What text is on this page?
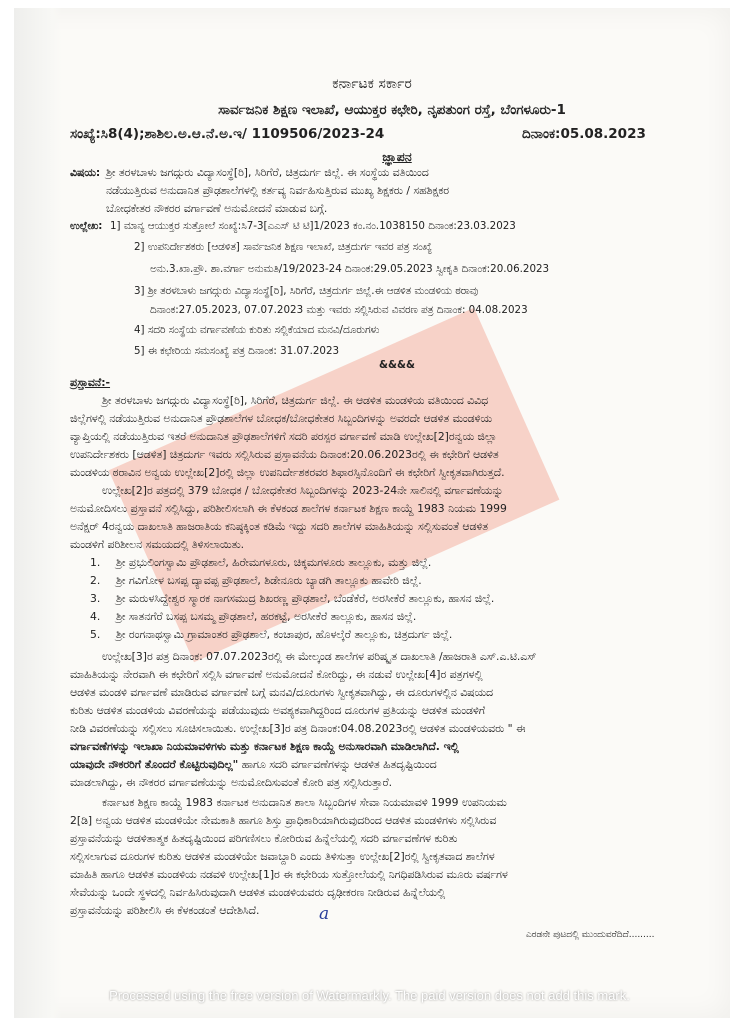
ಕರ್ನಾಟಕ ಸರ್ಕಾರ
ಸಾರ್ವಜನಿಕ ಶಿಕ್ಷಣ ಇಲಾಖೆ, ಆಯುಕ್ತರ ಕಛೇರಿ, ನೃಪತುಂಗ ರಸ್ತೆ, ಬೆಂಗಳೂರು-1
ಸಂಖ್ಯೆ:ಸಿ8(4);ಶಾಶಿಲ.ಅ.ಆ.ನೆ.ಅ.ಇ/ 1109506/2023-24	ದಿನಾಂಕ:05.08.2023
ಜ್ಞಾಪನ
ವಿಷಯ: ಶ್ರೀ ತರಳಬಾಳು ಜಗದ್ಗುರು ವಿದ್ಯಾಸಂಸ್ಥೆ[ರಿ], ಸಿರಿಗೆರೆ, ಚಿತ್ರದುರ್ಗ ಜಿಲ್ಲೆ. ಈ ಸಂಸ್ಥೆಯ ವತಿಯಿಂದ
ನಡೆಯುತ್ತಿರುವ ಅನುದಾನಿತ ಪ್ರೌಢಶಾಲೆಗಳಲ್ಲಿ ಕರ್ತವ್ಯ ನಿರ್ವಹಿಸುತ್ತಿರುವ ಮುಖ್ಯ ಶಿಕ್ಷಕರು / ಸಹಶಿಕ್ಷಕರ
ಬೋಧಕೇತರ ನೌಕರರ ವರ್ಗಾವಣೆ ಅನುಮೋದನೆ ಮಾಡುವ ಬಗ್ಗೆ.
ಉಲ್ಲೇಖ: 1] ಮಾನ್ಯ ಆಯುಕ್ತರ ಸುತ್ತೋಲೆ ಸಂಖ್ಯೆ:ಸಿ7-3[ಎಎಸ್ ಟಿ ಟಿ]1/2023 ಕಂ.ನಂ.1038150 ದಿನಾಂಕ:23.03.2023
2] ಉಪನಿರ್ದೇಶಕರು [ಆಡಳಿತ] ಸಾರ್ವಜನಿಕ ಶಿಕ್ಷಣ ಇಲಾಖೆ, ಚಿತ್ರದುರ್ಗ ಇವರ ಪತ್ರ ಸಂಖ್ಯೆ
ಅನು.3.ಖಾ.ಪ್ರೌ. ಶಾ.ವರ್ಗಾ ಅನುಮತಿ/19/2023-24 ದಿನಾಂಕ:29.05.2023 ಸ್ವೀಕೃತಿ ದಿನಾಂಕ:20.06.2023
3] ಶ್ರೀ ತರಳಬಾಳು ಜಗದ್ಗುರು ವಿದ್ಯಾಸಂಸ್ಥೆ[ರಿ], ಸಿರಿಗೆರೆ, ಚಿತ್ರದುರ್ಗ ಜಿಲ್ಲೆ.ಈ ಆಡಳಿತ ಮಂಡಳಿಯ ಠರಾವು
ದಿನಾಂಕ:27.05.2023, 07.07.2023 ಮತ್ತು ಇವರು ಸಲ್ಲಿಸಿರುವ ವಿವರಣ ಪತ್ರ ದಿನಾಂಕ: 04.08.2023
4] ಸದರಿ ಸಂಸ್ಥೆಯ ವರ್ಗಾವಣೆಯ ಕುರಿತು ಸಲ್ಲಿಕೆಯಾದ ಮನವಿ/ದೂರುಗಳು
5] ಈ ಕಛೇರಿಯ ಸಮಸಂಖ್ಯೆ ಪತ್ರ ದಿನಾಂಕ: 31.07.2023
&&&&
ಪ್ರಸ್ತಾವನೆ:-
ಶ್ರೀ ತರಳಬಾಳು ಜಗದ್ಗುರು ವಿದ್ಯಾಸಂಸ್ಥೆ[ರಿ], ಸಿರಿಗೆರೆ, ಚಿತ್ರದುರ್ಗ ಜಿಲ್ಲೆ. ಈ ಆಡಳಿತ ಮಂಡಳಿಯ ವತಿಯಿಂದ ವಿವಿಧ
ಜಿಲ್ಲೆಗಳಲ್ಲಿ ನಡೆಯುತ್ತಿರುವ ಅನುದಾನಿತ ಪ್ರೌಢಶಾಲೆಗಳ ಬೋಧಕ/ಬೋಧಕೇತರ ಸಿಬ್ಬಂದಿಗಳನ್ನು ಅವರದೇ ಆಡಳಿತ ಮಂಡಳಿಯ
ವ್ಯಾಪ್ತಿಯಲ್ಲಿ ನಡೆಯುತ್ತಿರುವ ಇತರೆ ಅನುದಾನಿತ ಪ್ರೌಢಶಾಲೆಗಳಿಗೆ ಸದರಿ ಪರಸ್ಪರ ವರ್ಗಾವಣೆ ಮಾಡಿ ಉಲ್ಲೇಖ[2]ರನ್ವಯ ಜಿಲ್ಲಾ
ಉಪನಿರ್ದೇಶಕರು [ಆಡಳಿತ] ಚಿತ್ರದುರ್ಗ ಇವರು ಸಲ್ಲಿಸಿರುವ ಪ್ರಸ್ತಾವನೆಯ ದಿನಾಂಕ:20.06.2023ರಲ್ಲಿ ಈ ಕಛೇರಿಗೆ ಆಡಳಿತ
ಮಂಡಳಿಯ ಠರಾವಿನ ಅನ್ವಯ ಉಲ್ಲೇಖ[2]ರಲ್ಲಿ ಜಿಲ್ಲಾ ಉಪನಿರ್ದೇಶಕರವರ ಶಿಫಾರಸ್ಸಿನೊಂದಿಗೆ ಈ ಕಛೇರಿಗೆ ಸ್ವೀಕೃತವಾಗಿರುತ್ತದೆ.
ಉಲ್ಲೇಖ[2]ರ ಪತ್ರದಲ್ಲಿ 379 ಬೋಧಕ / ಬೋಧಕೇತರ ಸಿಬ್ಬಂದಿಗಳನ್ನು 2023-24ನೇ ಸಾಲಿನಲ್ಲಿ ವರ್ಗಾವಣೆಯನ್ನು
ಅನುಮೋದಿಸಲು ಪ್ರಸ್ತಾವನೆ ಸಲ್ಲಿಸಿದ್ದು, ಪರಿಶೀಲಿಸಲಾಗಿ ಈ ಕೆಳಕಂಡ ಶಾಲೆಗಳ ಕರ್ನಾಟಕ ಶಿಕ್ಷಣ ಕಾಯ್ದೆ 1983 ನಿಯಮ 1999
ಅನೆಕ್ಷರ್ 4ರನ್ವಯ ದಾಖಲಾತಿ ಹಾಜರಾತಿಯ ಕನಿಷ್ಠಕ್ಕಿಂತ ಕಡಿಮೆ ಇದ್ದು ಸದರಿ ಶಾಲೆಗಳ ಮಾಹಿತಿಯನ್ನು ಸಲ್ಲಿಸುವಂತೆ ಆಡಳಿತ
ಮಂಡಳಿಗೆ ಪರಿಶೀಲನ ಸಮಯದಲ್ಲಿ ತಿಳಿಸಲಾಯಿತು.
1. ಶ್ರೀ ಪ್ರಭುಲಿಂಗಸ್ವಾಮಿ ಪ್ರೌಢಶಾಲೆ, ಹಿರೇಮಗಳೂರು, ಚಿಕ್ಕಮಗಳೂರು ತಾಲ್ಲೂಕು, ಮತ್ತು ಜಿಲ್ಲೆ.
2. ಶ್ರೀ ಗವಿಗೋಳ ಬಸಪ್ಪ ದ್ಯಾವಪ್ಪ ಪ್ರೌಢಶಾಲೆ, ಶಿಡೇನೂರು ಬ್ಯಾಡಗಿ ತಾಲ್ಲೂಕು ಹಾವೇರಿ ಜಿಲ್ಲೆ.
3. ಶ್ರೀ ಮರುಳಸಿದ್ದೇಶ್ವರ ಸ್ಮಾರಕ ನಾಗಸಮುದ್ರ ಶಿಖರಣ್ಣ ಪ್ರೌಢಶಾಲೆ, ಬೆಂಡೆಕೆರೆ, ಅರಸೀಕೆರೆ ತಾಲ್ಲೂಕು, ಹಾಸನ ಜಿಲ್ಲೆ.
4. ಶ್ರೀ ಸಾತನಗೆರೆ ಬಸಪ್ಪ ಬಸಮ್ಮ ಪ್ರೌಢಶಾಲೆ, ಹರಕಟ್ಟೆ, ಅರಸೀಕೆರೆ ತಾಲ್ಲೂಕು, ಹಾಸನ ಜಿಲ್ಲೆ.
5. ಶ್ರೀ ರಂಗನಾಥಸ್ವಾಮಿ ಗ್ರಾಮಾಂತರ ಪ್ರೌಢಶಾಲೆ, ಕಂಚಾಪುರ, ಹೊಳಲ್ಕೆರೆ ತಾಲ್ಲೂಕು, ಚಿತ್ರದುರ್ಗ ಜಿಲ್ಲೆ.
ಉಲ್ಲೇಖ[3]ರ ಪತ್ರ ದಿನಾಂಕ: 07.07.2023ರಲ್ಲಿ ಈ ಮೇಲ್ಕಂಡ ಶಾಲೆಗಳ ಪರಿಷ್ಕೃತ ದಾಖಲಾತಿ /ಹಾಜರಾತಿ ಎಸ್.ಎ.ಟಿ.ಎಸ್
ಮಾಹಿತಿಯನ್ನು ನೇರವಾಗಿ ಈ ಕಛೇರಿಗೆ ಸಲ್ಲಿಸಿ ವರ್ಗಾವಣೆ ಅನುಮೋದನೆ ಕೋರಿದ್ದು, ಈ ನಡುವೆ ಉಲ್ಲೇಖ[4]ರ ಪತ್ರಗಳಲ್ಲಿ
ಆಡಳಿತ ಮಂಡಳಿ ವರ್ಗಾವಣೆ ಮಾಡಿರುವ ವರ್ಗಾವಣೆ ಬಗ್ಗೆ ಮನವಿ/ದೂರುಗಳು ಸ್ವೀಕೃತವಾಗಿದ್ದು, ಈ ದೂರುಗಳಲ್ಲಿನ ವಿಷಯದ
ಕುರಿತು ಆಡಳಿತ ಮಂಡಳಿಯ ವಿವರಣೆಯನ್ನು ಪಡೆಯುವುದು ಅವಶ್ಯಕವಾಗಿದ್ದರಿಂದ ದೂರುಗಳ ಪ್ರತಿಯನ್ನು ಆಡಳಿತ ಮಂಡಳಿಗೆ
ನೀಡಿ ವಿವರಣೆಯನ್ನು ಸಲ್ಲಿಸಲು ಸೂಚಿಸಲಾಯಿತು. ಉಲ್ಲೇಖ[3]ರ ಪತ್ರ ದಿನಾಂಕ:04.08.2023ರಲ್ಲಿ ಆಡಳಿತ ಮಂಡಳಿಯವರು " ಈ
ವರ್ಗಾವಣೆಗಳನ್ನು ಇಲಾಖಾ ನಿಯಮಾವಳಿಗಳು ಮತ್ತು ಕರ್ನಾಟಕ ಶಿಕ್ಷಣ ಕಾಯ್ದೆ ಅನುಸಾರವಾಗಿ ಮಾಡಿಲಾಗಿದೆ. ಇಲ್ಲಿ
ಯಾವುದೇ ನೌಕರರಿಗೆ ತೊಂದರೆ ಕೊಟ್ಟಿರುವುದಿಲ್ಲ" ಹಾಗೂ ಸದರಿ ವರ್ಗಾವಣೆಗಳನ್ನು ಆಡಳಿತ ಹಿತದೃಷ್ಟಿಯಿಂದ
ಮಾಡಲಾಗಿದ್ದು, ಈ ನೌಕರರ ವರ್ಗಾವಣೆಯನ್ನು ಅನುಮೋದಿಸುವಂತೆ ಕೋರಿ ಪತ್ರ ಸಲ್ಲಿಸಿರುತ್ತಾರೆ.
ಕರ್ನಾಟಕ ಶಿಕ್ಷಣ ಕಾಯ್ದೆ 1983 ಕರ್ನಾಟಕ ಅನುದಾನಿತ ಶಾಲಾ ಸಿಬ್ಬಂದಿಗಳ ಸೇವಾ ನಿಯಮಾವಳಿ 1999 ಉಪನಿಯಮ
2[ಡಿ] ಅನ್ವಯ ಆಡಳಿತ ಮಂಡಳಿಯೇ ನೇಮಕಾತಿ ಹಾಗೂ ಶಿಸ್ತು ಪ್ರಾಧಿಕಾರಿಯಾಗಿರುವುದರಿಂದ ಆಡಳಿತ ಮಂಡಳಿಗಳು ಸಲ್ಲಿಸಿರುವ
ಪ್ರಸ್ತಾವನೆಯನ್ನು ಆಡಳಿತಾತ್ಮಕ ಹಿತದೃಷ್ಟಿಯಿಂದ ಪರಿಗಣಿಸಲು ಕೋರಿರುವ ಹಿನ್ನೆಲೆಯಲ್ಲಿ ಸದರಿ ವರ್ಗಾವಣೆಗಳ ಕುರಿತು
ಸಲ್ಲಿಸಲಾಗುವ ದೂರುಗಳ ಕುರಿತು ಆಡಳಿತ ಮಂಡಳಿಯೇ ಜವಾಬ್ದಾರಿ ಎಂದು ತಿಳಿಸುತ್ತಾ ಉಲ್ಲೇಖ[2]ರಲ್ಲಿ ಸ್ವೀಕೃತವಾದ ಶಾಲೆಗಳ
ಮಾಹಿತಿ ಹಾಗೂ ಆಡಳಿತ ಮಂಡಳಿಯ ನಡವಳಿ ಉಲ್ಲೇಖ[1]ರ ಈ ಕಛೇರಿಯ ಸುತ್ತೋಲೆಯಲ್ಲಿ ನಿಗಧಿಪಡಿಸಿರುವ ಮೂರು ವರ್ಷಗಳ
ಸೇವೆಯನ್ನು ಒಂದೇ ಸ್ಥಳದಲ್ಲಿ ನಿರ್ವಹಿಸಿರುವುದಾಗಿ ಆಡಳಿತ ಮಂಡಳಿಯವರು ದೃಢೀಕರಣ ನೀಡಿರುವ ಹಿನ್ನೆಲೆಯಲ್ಲಿ
ಪ್ರಸ್ತಾವನೆಯನ್ನು ಪರಿಶೀಲಿಸಿ ಈ ಕೆಳಕಂಡಂತೆ ಆದೇಶಿಸಿದೆ.	a
ಎರಡನೇ ಪುಟದಲ್ಲಿ ಮುಂದುವರೆದಿದೆ.........
Processed using the free version of Watermarkly. The paid version does not add this mark.
